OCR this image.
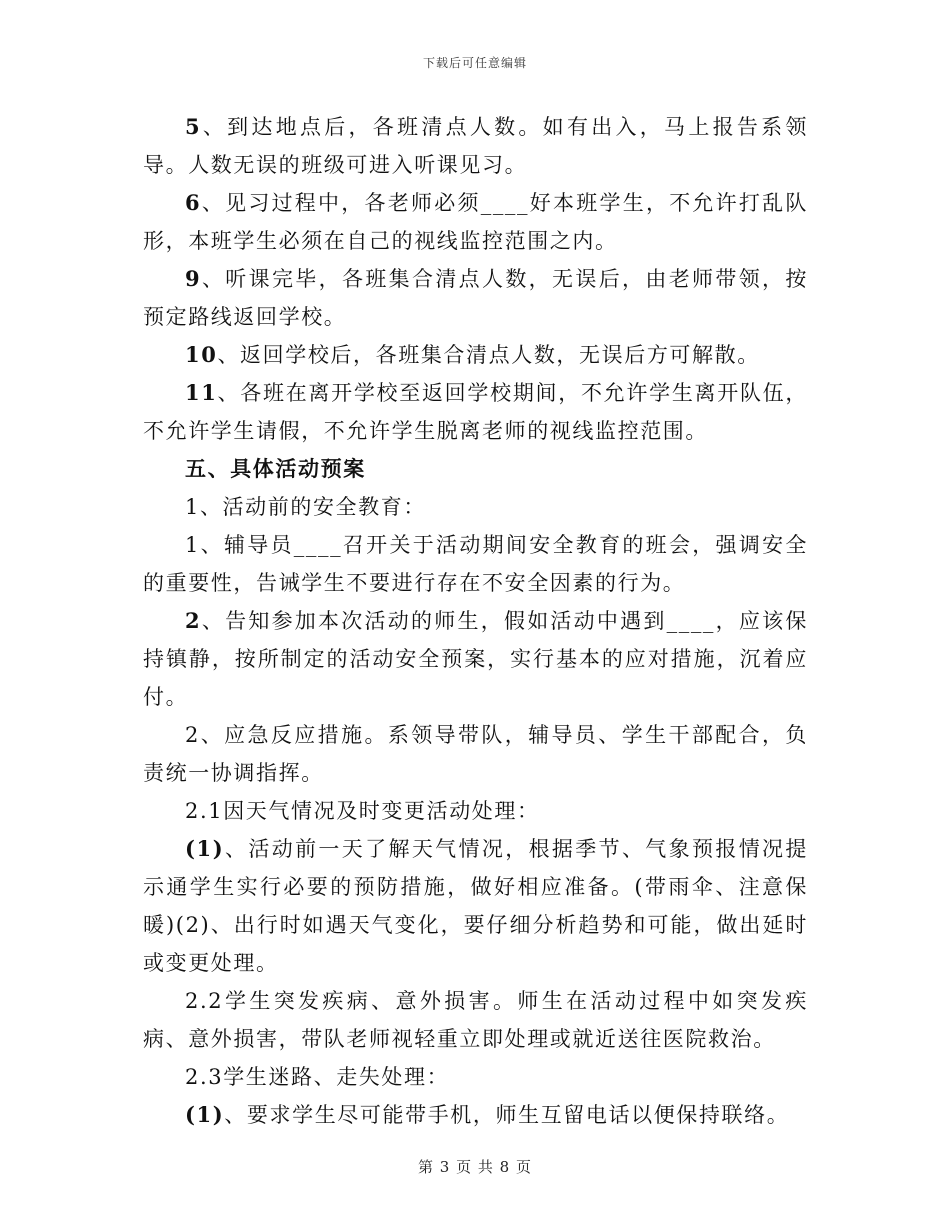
下载后可任意编辑

5、到达地点后，各班清点人数。如有出入，马上报告系领导。人数无误的班级可进入听课见习。

6、见习过程中，各老师必须____好本班学生，不允许打乱队形，本班学生必须在自己的视线监控范围之内。

9、听课完毕，各班集合清点人数，无误后，由老师带领，按预定路线返回学校。

10、返回学校后，各班集合清点人数，无误后方可解散。

11、各班在离开学校至返回学校期间，不允许学生离开队伍，不允许学生请假，不允许学生脱离老师的视线监控范围。

五、具体活动预案

1、活动前的安全教育：

1、辅导员____召开关于活动期间安全教育的班会，强调安全的重要性，告诫学生不要进行存在不安全因素的行为。

2、告知参加本次活动的师生，假如活动中遇到____，应该保持镇静，按所制定的活动安全预案，实行基本的应对措施，沉着应付。

2、应急反应措施。系领导带队，辅导员、学生干部配合，负责统一协调指挥。

2.1因天气情况及时变更活动处理：

(1)、活动前一天了解天气情况，根据季节、气象预报情况提示通学生实行必要的预防措施，做好相应准备。(带雨伞、注意保暖)(2)、出行时如遇天气变化，要仔细分析趋势和可能，做出延时或变更处理。

2.2学生突发疾病、意外损害。师生在活动过程中如突发疾病、意外损害，带队老师视轻重立即处理或就近送往医院救治。

2.3学生迷路、走失处理：

(1)、要求学生尽可能带手机，师生互留电话以便保持联络。

第 3 页 共 8 页
